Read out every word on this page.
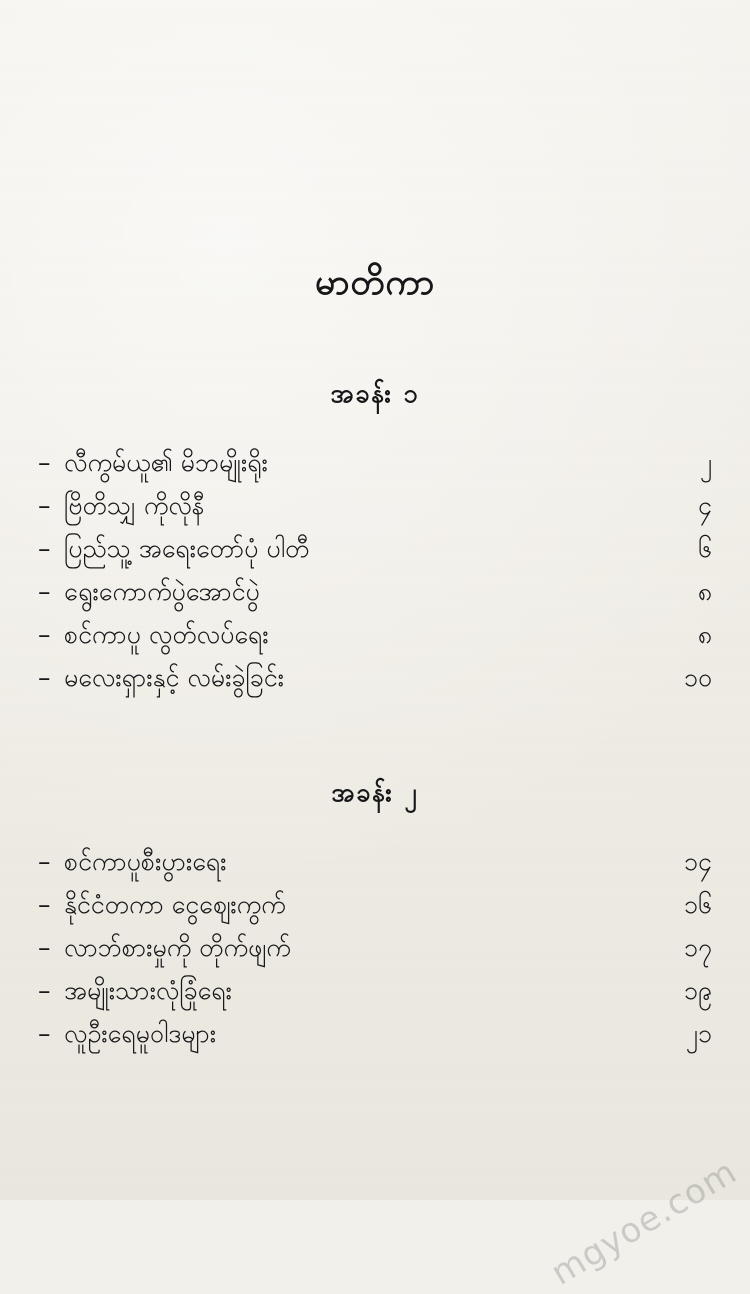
မာတိကာ
အခန်း ၁
– လီကွမ်ယူ၏ မိဘမျိုးရိုး	၂
– ဗြိတိသျှ ကိုလိုနီ	၄
– ပြည်သူ့ အရေးတော်ပုံ ပါတီ	၆
– ရွေးကောက်ပွဲအောင်ပွဲ	၈
– စင်ကာပူ လွတ်လပ်ရေး	၈
– မလေးရှားနှင့် လမ်းခွဲခြင်း	၁၀
အခန်း ၂
– စင်ကာပူစီးပွားရေး	၁၄
– နိုင်ငံတကာ ငွေဈေးကွက်	၁၆
– လာဘ်စားမှုကို တိုက်ဖျက်	၁၇
– အမျိုးသားလုံခြုံရေး	၁၉
– လူဦးရေမူဝါဒများ	၂၁
mgyoe.com
